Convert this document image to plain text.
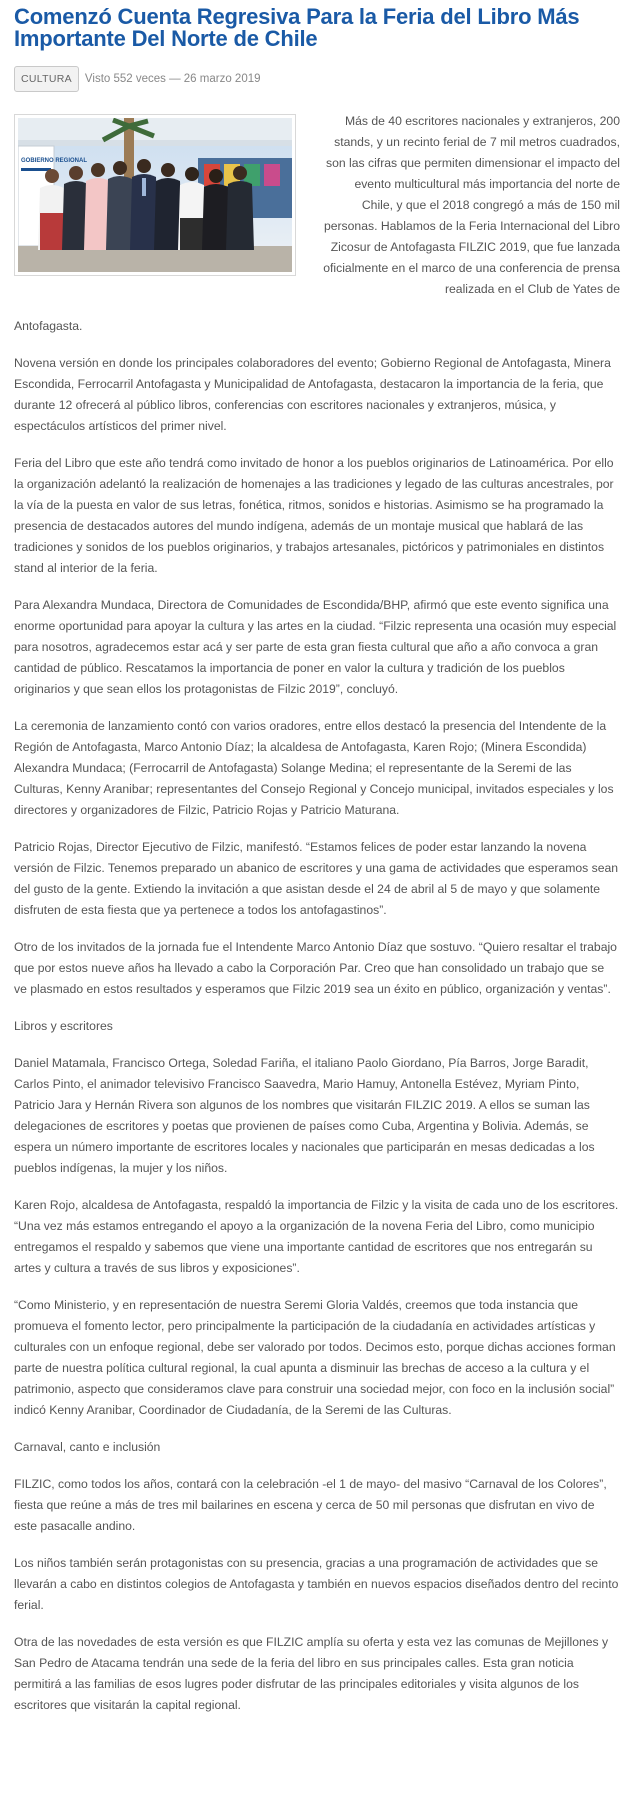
Comenzó Cuenta Regresiva Para la Feria del Libro Más Importante Del Norte de Chile
CULTURA	Visto 552 veces — 26 marzo 2019
GOBIERNO REGIONAL

Más de 40 escritores nacionales y extranjeros, 200 stands, y un recinto ferial de 7 mil metros cuadrados, son las cifras que permiten dimensionar el impacto del evento multicultural más importancia del norte de Chile, y que el 2018 congregó a más de 150 mil personas. Hablamos de la Feria Internacional del Libro Zicosur de Antofagasta FILZIC 2019, que fue lanzada oficialmente en el marco de una conferencia de prensa realizada en el Club de Yates de

Antofagasta.

Novena versión en donde los principales colaboradores del evento; Gobierno Regional de Antofagasta, Minera Escondida, Ferrocarril Antofagasta y Municipalidad de Antofagasta, destacaron la importancia de la feria, que durante 12 ofrecerá al público libros, conferencias con escritores nacionales y extranjeros, música, y espectáculos artísticos del primer nivel.

Feria del Libro que este año tendrá como invitado de honor a los pueblos originarios de Latinoamérica. Por ello la organización adelantó la realización de homenajes a las tradiciones y legado de las culturas ancestrales, por la vía de la puesta en valor de sus letras, fonética, ritmos, sonidos e historias. Asimismo se ha programado la presencia de destacados autores del mundo indígena, además de un montaje musical que hablará de las tradiciones y sonidos de los pueblos originarios, y trabajos artesanales, pictóricos y patrimoniales en distintos stand al interior de la feria.

Para Alexandra Mundaca, Directora de Comunidades de Escondida/BHP, afirmó que este evento significa una enorme oportunidad para apoyar la cultura y las artes en la ciudad. “Filzic representa una ocasión muy especial para nosotros, agradecemos estar acá y ser parte de esta gran fiesta cultural que año a año convoca a gran cantidad de público. Rescatamos la importancia de poner en valor la cultura y tradición de los pueblos originarios y que sean ellos los protagonistas de Filzic 2019”, concluyó.

La ceremonia de lanzamiento contó con varios oradores, entre ellos destacó la presencia del Intendente de la Región de Antofagasta, Marco Antonio Díaz; la alcaldesa de Antofagasta, Karen Rojo; (Minera Escondida) Alexandra Mundaca; (Ferrocarril de Antofagasta) Solange Medina; el representante de la Seremi de las Culturas, Kenny Aranibar; representantes del Consejo Regional y Concejo municipal, invitados especiales y los directores y organizadores de Filzic, Patricio Rojas y Patricio Maturana.

Patricio Rojas, Director Ejecutivo de Filzic, manifestó. “Estamos felices de poder estar lanzando la novena versión de Filzic. Tenemos preparado un abanico de escritores y una gama de actividades que esperamos sean del gusto de la gente. Extiendo la invitación a que asistan desde el 24 de abril al 5 de mayo y que solamente disfruten de esta fiesta que ya pertenece a todos los antofagastinos”.

Otro de los invitados de la jornada fue el Intendente Marco Antonio Díaz que sostuvo. “Quiero resaltar el trabajo que por estos nueve años ha llevado a cabo la Corporación Par. Creo que han consolidado un trabajo que se ve plasmado en estos resultados y esperamos que Filzic 2019 sea un éxito en público, organización y ventas”.

Libros y escritores

Daniel Matamala, Francisco Ortega, Soledad Fariña, el italiano Paolo Giordano, Pía Barros, Jorge Baradit, Carlos Pinto, el animador televisivo Francisco Saavedra, Mario Hamuy, Antonella Estévez, Myriam Pinto, Patricio Jara y Hernán Rivera son algunos de los nombres que visitarán FILZIC 2019. A ellos se suman las delegaciones de escritores y poetas que provienen de países como Cuba, Argentina y Bolivia. Además, se espera un número importante de escritores locales y nacionales que participarán en mesas dedicadas a los pueblos indígenas, la mujer y los niños.

Karen Rojo, alcaldesa de Antofagasta, respaldó la importancia de Filzic y la visita de cada uno de los escritores. “Una vez más estamos entregando el apoyo a la organización de la novena Feria del Libro, como municipio entregamos el respaldo y sabemos que viene una importante cantidad de escritores que nos entregarán su artes y cultura a través de sus libros y exposiciones”.

“Como Ministerio, y en representación de nuestra Seremi Gloria Valdés, creemos que toda instancia que promueva el fomento lector, pero principalmente la participación de la ciudadanía en actividades artísticas y culturales con un enfoque regional, debe ser valorado por todos. Decimos esto, porque dichas acciones forman parte de nuestra política cultural regional, la cual apunta a disminuir las brechas de acceso a la cultura y el patrimonio, aspecto que consideramos clave para construir una sociedad mejor, con foco en la inclusión social” indicó Kenny Aranibar, Coordinador de Ciudadanía, de la Seremi de las Culturas.

Carnaval, canto e inclusión

FILZIC, como todos los años, contará con la celebración -el 1 de mayo- del masivo “Carnaval de los Colores”, fiesta que reúne a más de tres mil bailarines en escena y cerca de 50 mil personas que disfrutan en vivo de este pasacalle andino.

Los niños también serán protagonistas con su presencia, gracias a una programación de actividades que se llevarán a cabo en distintos colegios de Antofagasta y también en nuevos espacios diseñados dentro del recinto ferial.

Otra de las novedades de esta versión es que FILZIC amplía su oferta y esta vez las comunas de Mejillones y San Pedro de Atacama tendrán una sede de la feria del libro en sus principales calles. Esta gran noticia permitirá a las familias de esos lugres poder disfrutar de las principales editoriales y visita algunos de los escritores que visitarán la capital regional.
